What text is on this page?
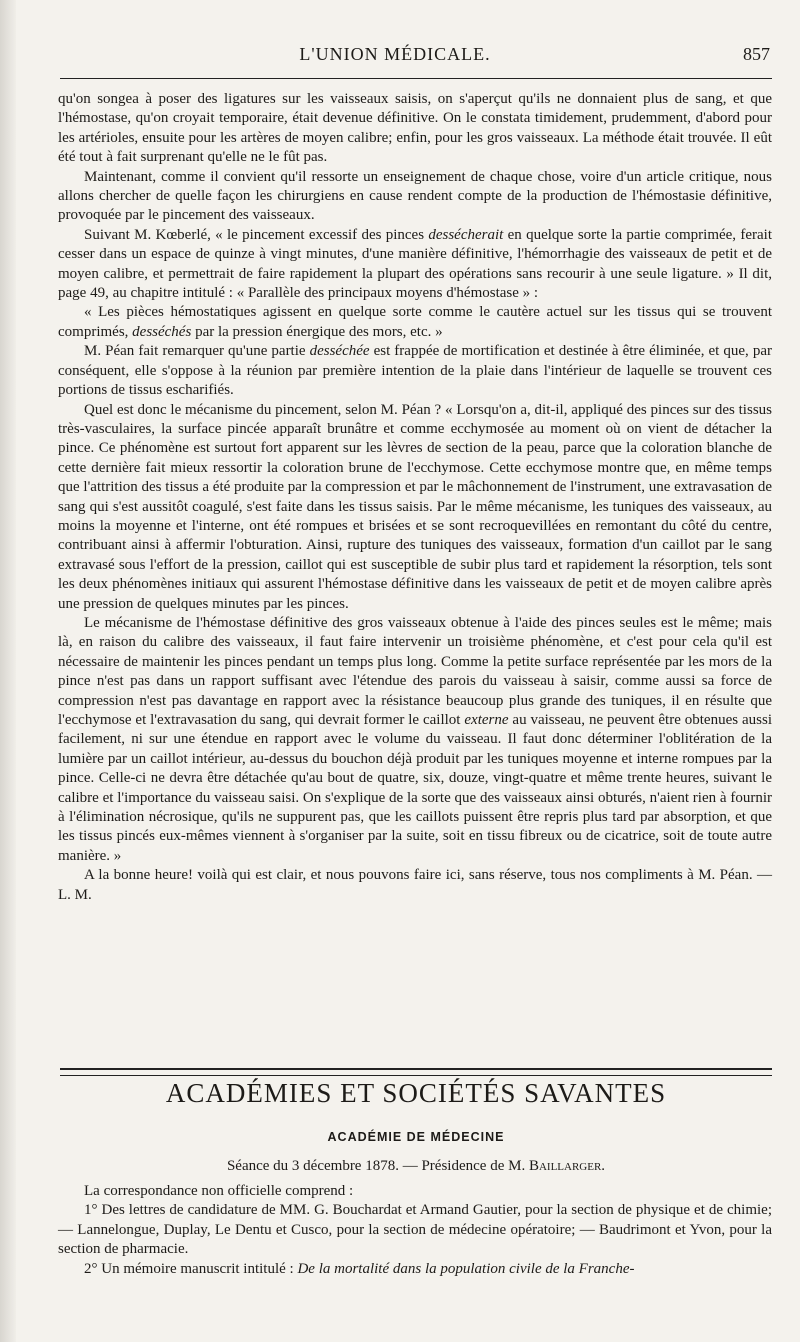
L'UNION MÉDICALE.	857

qu'on songea à poser des ligatures sur les vaisseaux saisis, on s'aperçut qu'ils ne donnaient plus de sang, et que l'hémostase, qu'on croyait temporaire, était devenue définitive. On le constata timidement, prudemment, d'abord pour les artérioles, ensuite pour les artères de moyen calibre; enfin, pour les gros vaisseaux. La méthode était trouvée. Il eût été tout à fait surprenant qu'elle ne le fût pas.

Maintenant, comme il convient qu'il ressorte un enseignement de chaque chose, voire d'un article critique, nous allons chercher de quelle façon les chirurgiens en cause rendent compte de la production de l'hémostasie définitive, provoquée par le pincement des vaisseaux.

Suivant M. Kœberlé, « le pincement excessif des pinces dessécherait en quelque sorte la partie comprimée, ferait cesser dans un espace de quinze à vingt minutes, d'une manière définitive, l'hémorrhagie des vaisseaux de petit et de moyen calibre, et permettrait de faire rapidement la plupart des opérations sans recourir à une seule ligature. » Il dit, page 49, au chapitre intitulé : « Parallèle des principaux moyens d'hémostase » :

« Les pièces hémostatiques agissent en quelque sorte comme le cautère actuel sur les tissus qui se trouvent comprimés, desséchés par la pression énergique des mors, etc. »

M. Péan fait remarquer qu'une partie desséchée est frappée de mortification et destinée à être éliminée, et que, par conséquent, elle s'oppose à la réunion par première intention de la plaie dans l'intérieur de laquelle se trouvent ces portions de tissus escharifiés.

Quel est donc le mécanisme du pincement, selon M. Péan ? « Lorsqu'on a, dit-il, appliqué des pinces sur des tissus très-vasculaires, la surface pincée apparaît brunâtre et comme ecchymosée au moment où on vient de détacher la pince. Ce phénomène est surtout fort apparent sur les lèvres de section de la peau, parce que la coloration blanche de cette dernière fait mieux ressortir la coloration brune de l'ecchymose. Cette ecchymose montre que, en même temps que l'attrition des tissus a été produite par la compression et par le mâchonnement de l'instrument, une extravasation de sang qui s'est aussitôt coagulé, s'est faite dans les tissus saisis. Par le même mécanisme, les tuniques des vaisseaux, au moins la moyenne et l'interne, ont été rompues et brisées et se sont recroquevillées en remontant du côté du centre, contribuant ainsi à affermir l'obturation. Ainsi, rupture des tuniques des vaisseaux, formation d'un caillot par le sang extravasé sous l'effort de la pression, caillot qui est susceptible de subir plus tard et rapidement la résorption, tels sont les deux phénomènes initiaux qui assurent l'hémostase définitive dans les vaisseaux de petit et de moyen calibre après une pression de quelques minutes par les pinces.

Le mécanisme de l'hémostase définitive des gros vaisseaux obtenue à l'aide des pinces seules est le même; mais là, en raison du calibre des vaisseaux, il faut faire intervenir un troisième phénomène, et c'est pour cela qu'il est nécessaire de maintenir les pinces pendant un temps plus long. Comme la petite surface représentée par les mors de la pince n'est pas dans un rapport suffisant avec l'étendue des parois du vaisseau à saisir, comme aussi sa force de compression n'est pas davantage en rapport avec la résistance beaucoup plus grande des tuniques, il en résulte que l'ecchymose et l'extravasation du sang, qui devrait former le caillot externe au vaisseau, ne peuvent être obtenues aussi facilement, ni sur une étendue en rapport avec le volume du vaisseau. Il faut donc déterminer l'oblitération de la lumière par un caillot intérieur, au-dessus du bouchon déjà produit par les tuniques moyenne et interne rompues par la pince. Celle-ci ne devra être détachée qu'au bout de quatre, six, douze, vingt-quatre et même trente heures, suivant le calibre et l'importance du vaisseau saisi. On s'explique de la sorte que des vaisseaux ainsi obturés, n'aient rien à fournir à l'élimination nécrosique, qu'ils ne suppurent pas, que les caillots puissent être repris plus tard par absorption, et que les tissus pincés eux-mêmes viennent à s'organiser par la suite, soit en tissu fibreux ou de cicatrice, soit de toute autre manière. »

A la bonne heure! voilà qui est clair, et nous pouvons faire ici, sans réserve, tous nos compliments à M. Péan. — L. M.

ACADÉMIES ET SOCIÉTÉS SAVANTES
ACADÉMIE DE MÉDECINE
Séance du 3 décembre 1878. — Présidence de M. Baillarger.

La correspondance non officielle comprend :

1° Des lettres de candidature de MM. G. Bouchardat et Armand Gautier, pour la section de physique et de chimie; — Lannelongue, Duplay, Le Dentu et Cusco, pour la section de médecine opératoire; — Baudrimont et Yvon, pour la section de pharmacie.

2° Un mémoire manuscrit intitulé : De la mortalité dans la population civile de la Franche-
